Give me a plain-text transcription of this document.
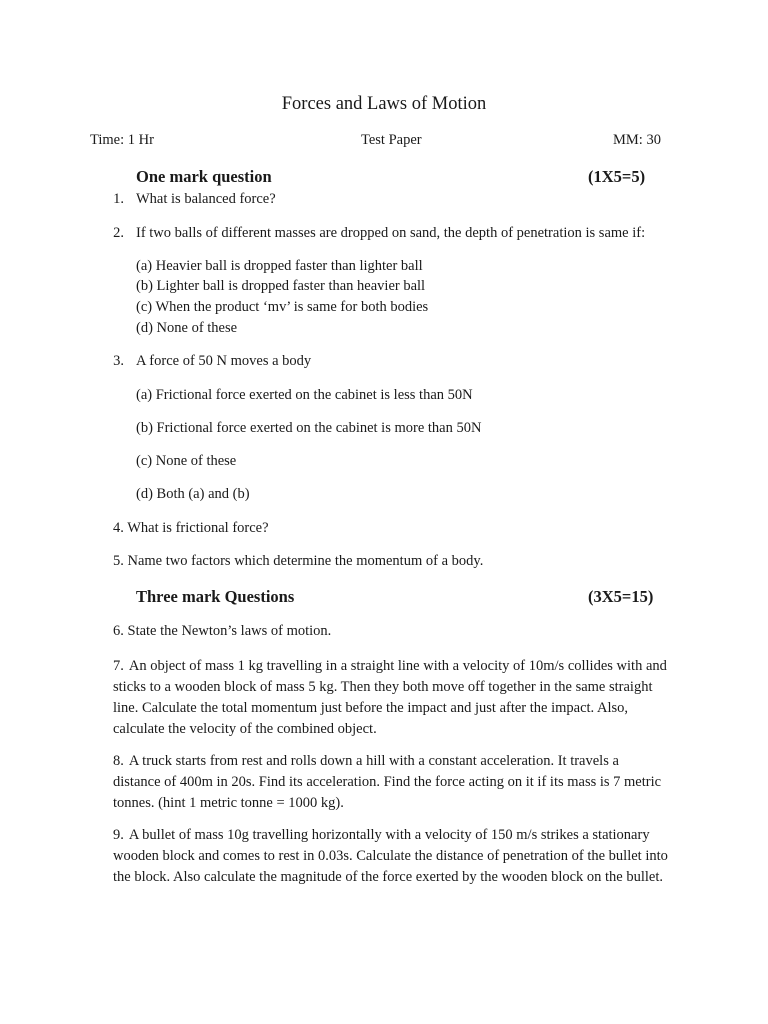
Forces and Laws of Motion
Time: 1 Hr	Test Paper	MM: 30
One mark question	(1X5=5)
1. What is balanced force?
2. If two balls of different masses are dropped on sand, the depth of penetration is same if:
(a) Heavier ball is dropped faster than lighter ball
(b) Lighter ball is dropped faster than heavier ball
(c) When the product ‘mv’ is same for both bodies
(d) None of these
3. A force of 50 N moves a body
(a) Frictional force exerted on the cabinet is less than 50N
(b) Frictional force exerted on the cabinet is more than 50N
(c) None of these
(d) Both (a) and (b)
4. What is frictional force?
5. Name two factors which determine the momentum of a body.
Three mark Questions	(3X5=15)
6. State the Newton’s laws of motion.
7. An object of mass 1 kg travelling in a straight line with a velocity of 10m/s collides with and sticks to a wooden block of mass 5 kg. Then they both move off together in the same straight line. Calculate the total momentum just before the impact and just after the impact. Also, calculate the velocity of the combined object.
8. A truck starts from rest and rolls down a hill with a constant acceleration. It travels a distance of 400m in 20s. Find its acceleration. Find the force acting on it if its mass is 7 metric tonnes. (hint 1 metric tonne = 1000 kg).
9. A bullet of mass 10g travelling horizontally with a velocity of 150 m/s strikes a stationary wooden block and comes to rest in 0.03s. Calculate the distance of penetration of the bullet into the block. Also calculate the magnitude of the force exerted by the wooden block on the bullet.
